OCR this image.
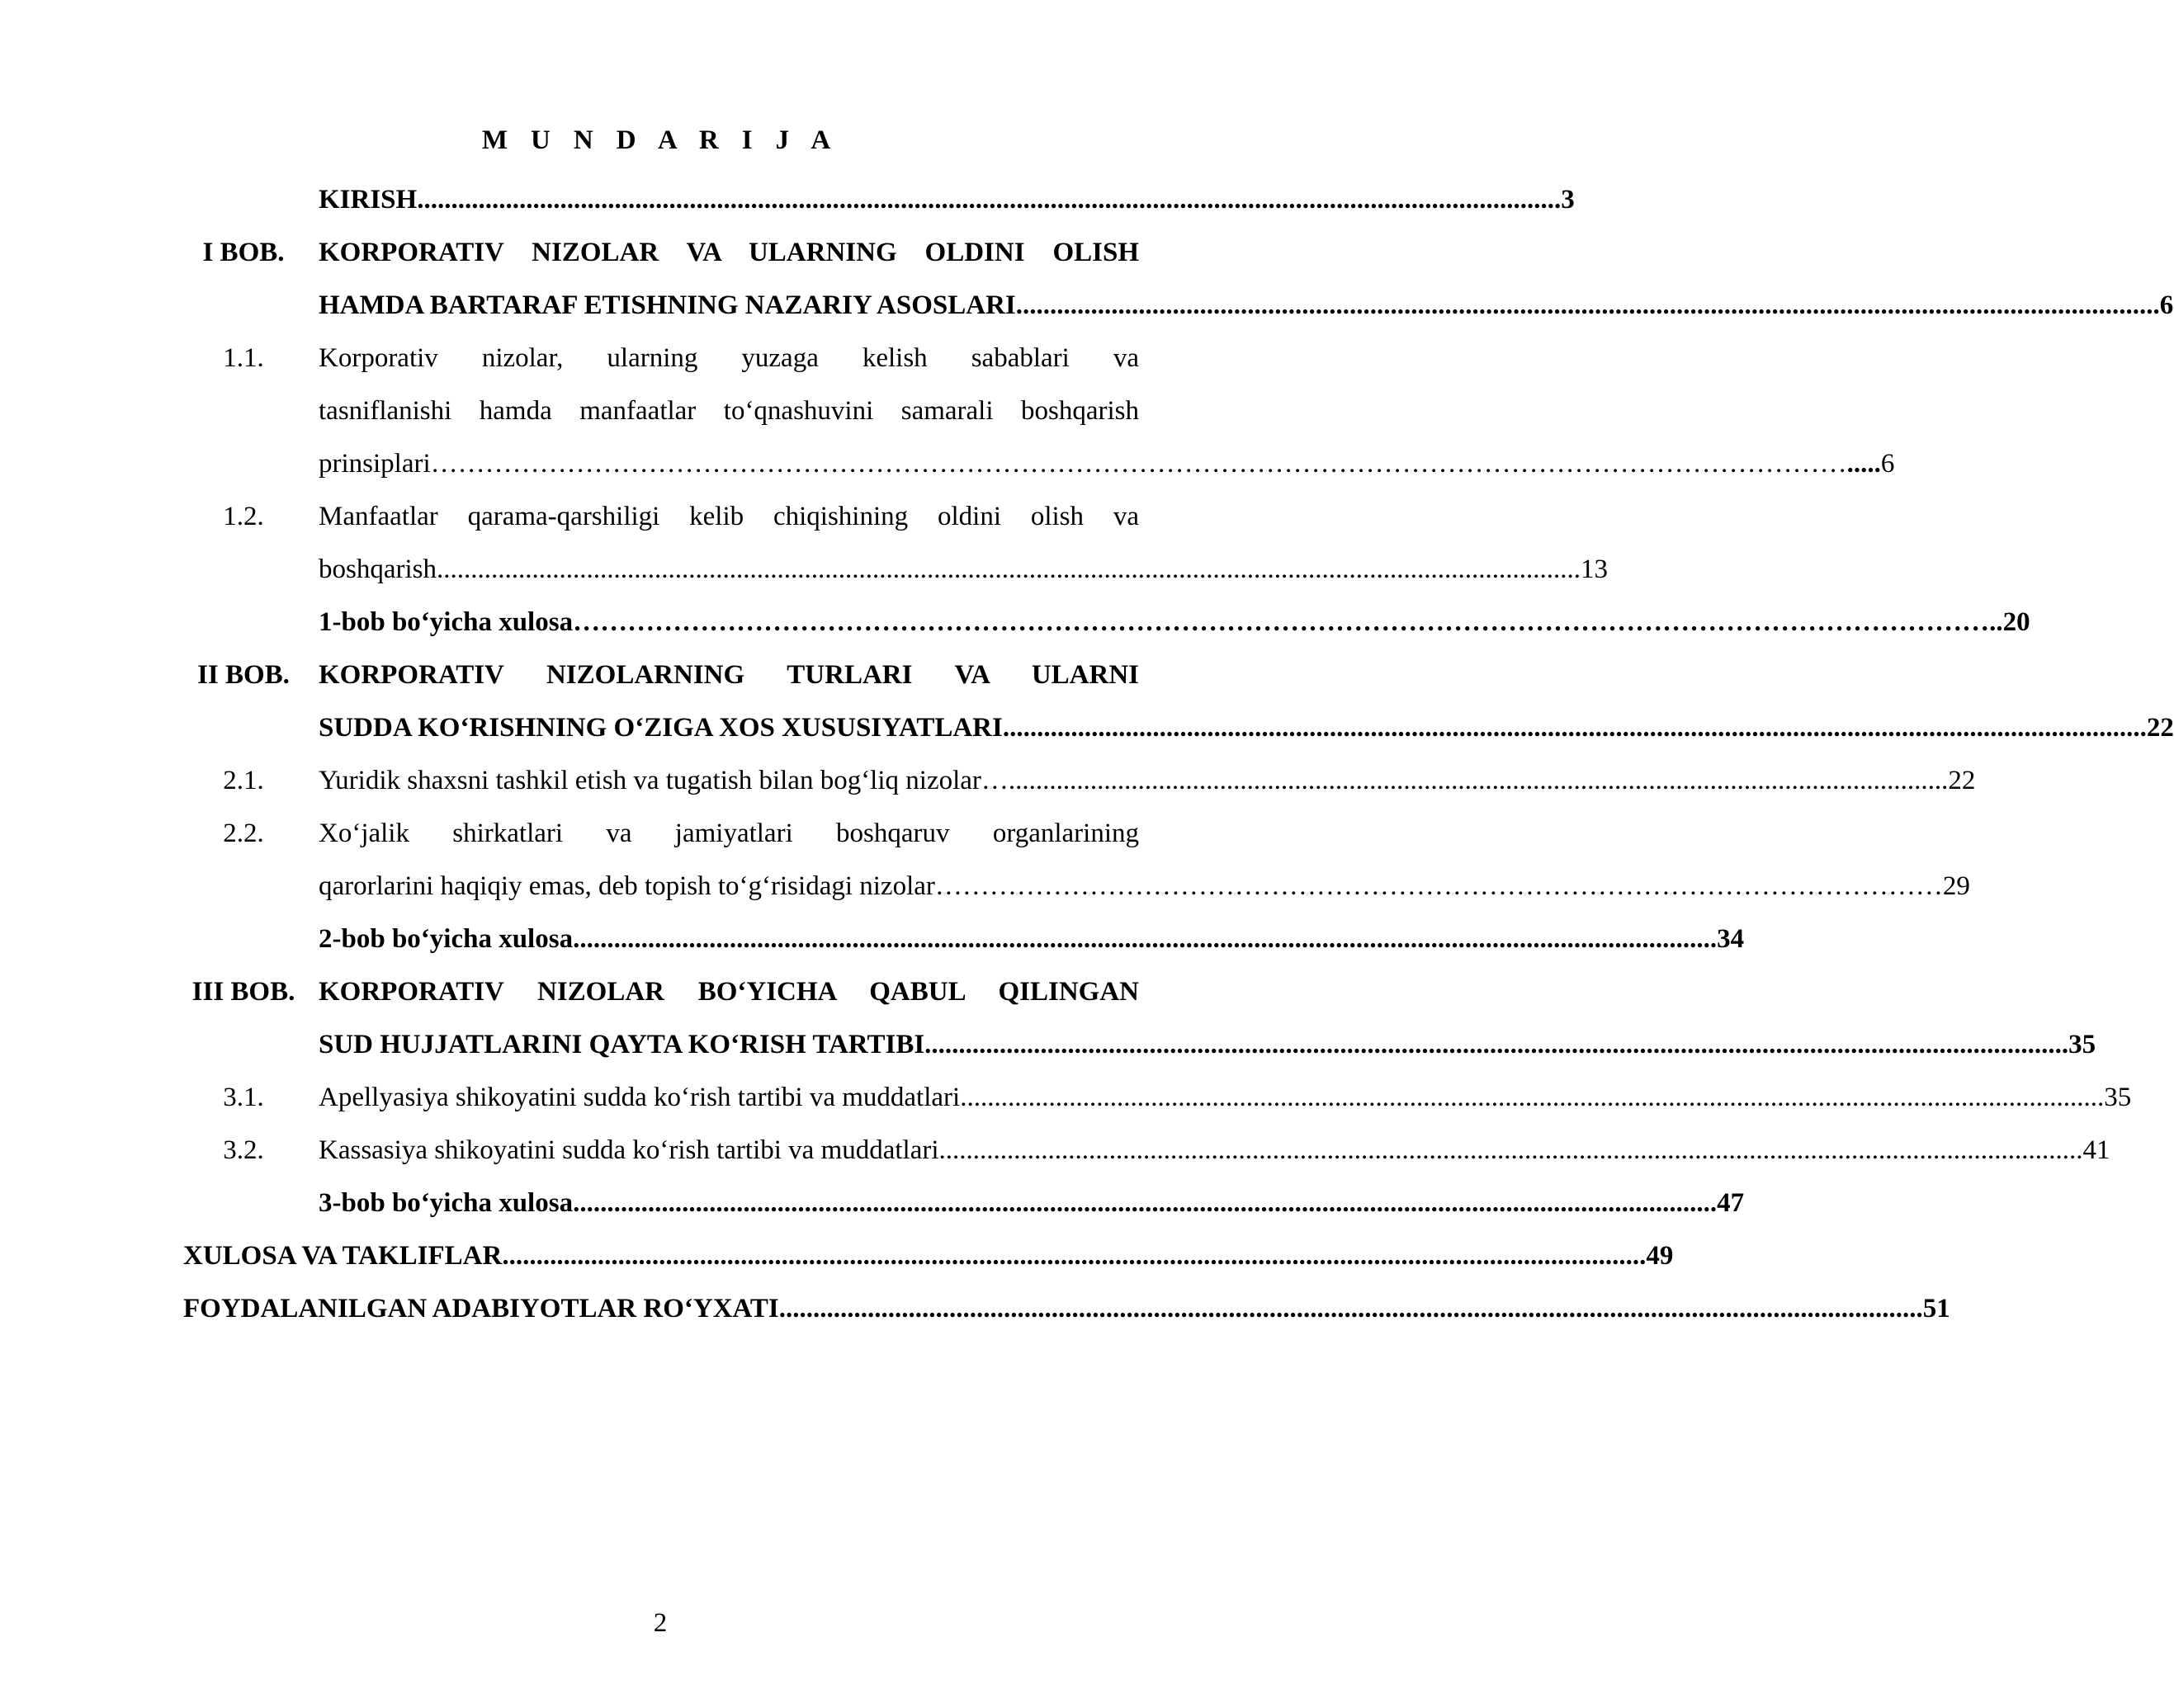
M U N D A R I J A
KIRISH ........................................................................................................................................................................ 3
I BOB.	KORPORATIV NIZOLAR VA ULARNING OLDINI OLISH
HAMDA BARTARAF ETISHNING NAZARIY ASOSLARI ........................................................................................................................................................................ 6
1.1.	Korporativ nizolar, ularning yuzaga kelish sabablari va
tasniflanishi hamda manfaatlar to‘qnashuvini samarali boshqarish
prinsiplari ………………………………………………………………………………………………………………………………………… .....6
1.2.	Manfaatlar qarama-qarshiligi kelib chiqishining oldini olish va
boshqarish ........................................................................................................................................................................ 13
1-bob bo‘yicha xulosa ………………………………………………………………………………………………………………………………………… ..20
II BOB.	KORPORATIV NIZOLARNING TURLARI VA ULARNI
SUDDA KO‘RISHNING O‘ZIGA XOS XUSUSIYATLARI ........................................................................................................................................................................ 22
2.1.	Yuridik shaxsni tashkil etish va tugatish bilan bog‘liq nizolar ….......................................................................................................................................... 22
2.2.	Xo‘jalik shirkatlari va jamiyatlari boshqaruv organlarining
qarorlarini haqiqiy emas, deb topish to‘g‘risidagi nizolar ………………………………………………………………………………………………… 29
2-bob bo‘yicha xulosa ........................................................................................................................................................................ 34
III BOB. KORPORATIV NIZOLAR BO‘YICHA QABUL QILINGAN
SUD HUJJATLARINI QAYTA KO‘RISH TARTIBI ........................................................................................................................................................................ 35
3.1.	Apellyasiya shikoyatini sudda ko‘rish tartibi va muddatlari ........................................................................................................................................................................ 35
3.2.	Kassasiya shikoyatini sudda ko‘rish tartibi va muddatlari ........................................................................................................................................................................ 41
3-bob bo‘yicha xulosa ........................................................................................................................................................................ 47
XULOSA VA TAKLIFLAR ........................................................................................................................................................................ 49
FOYDALANILGAN ADABIYOTLAR RO‘YXATI ........................................................................................................................................................................ 51
2
